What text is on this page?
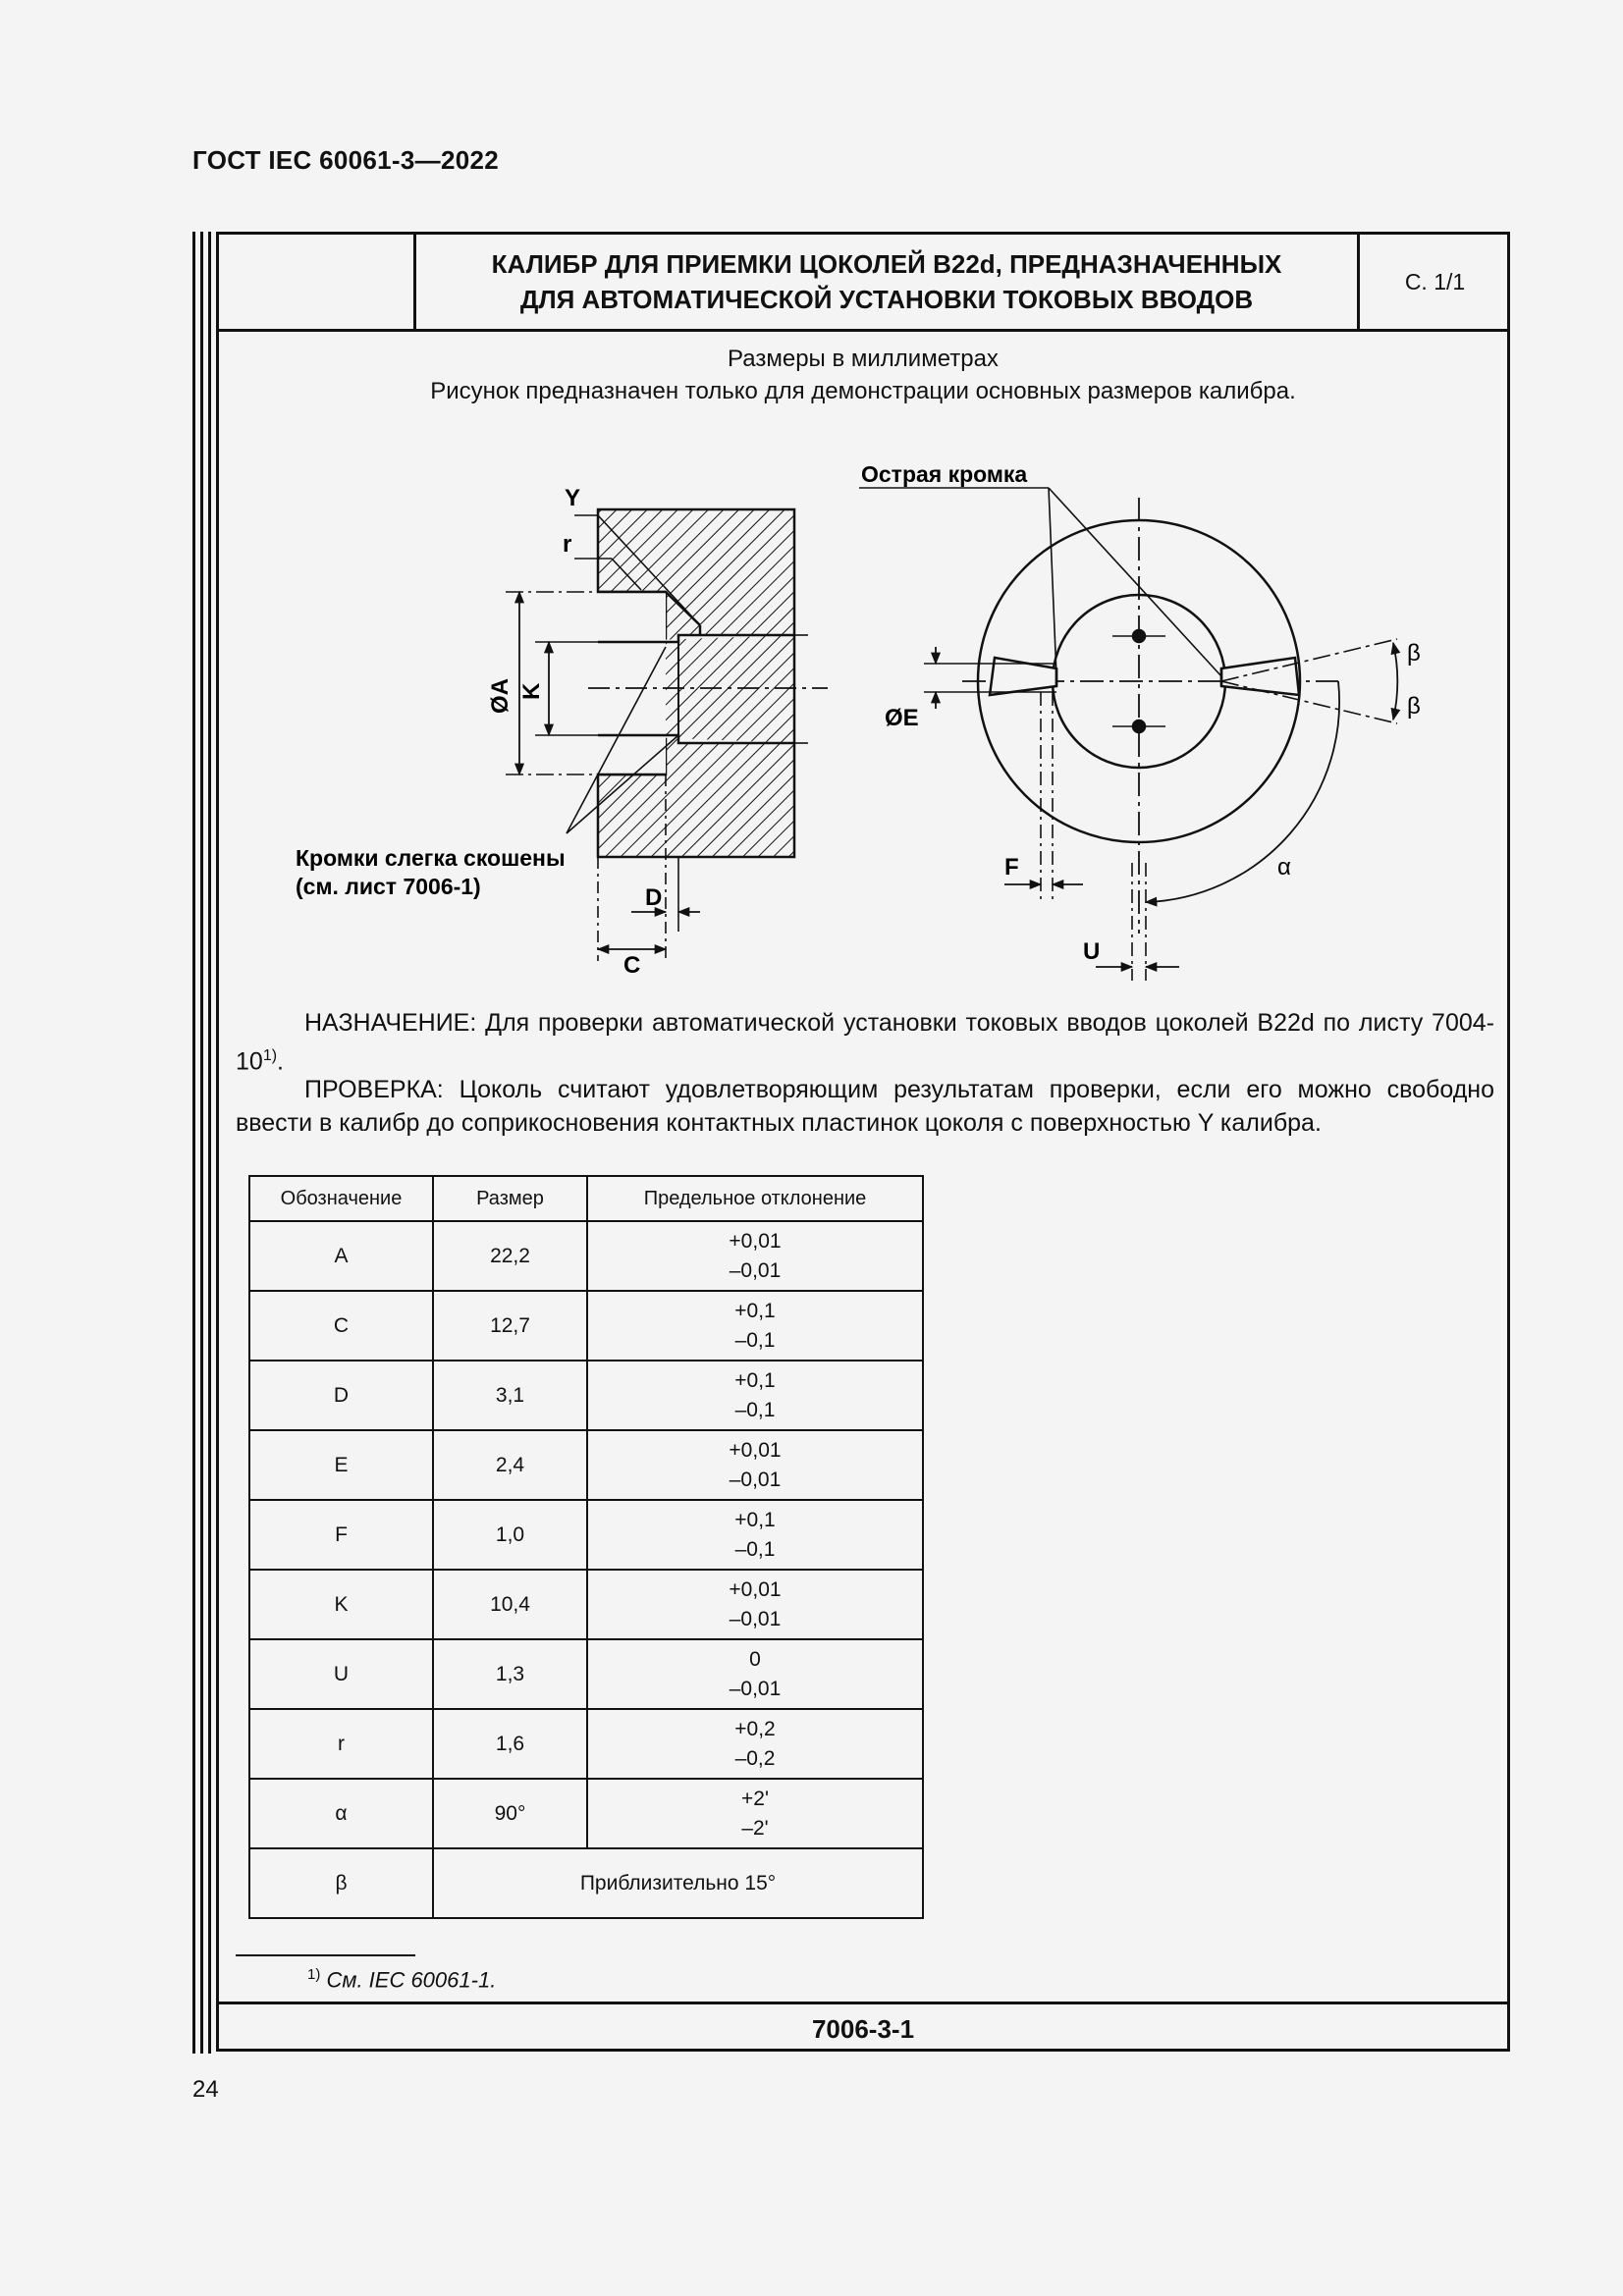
ГОСТ IEC 60061-3—2022
КАЛИБР ДЛЯ ПРИЕМКИ ЦОКОЛЕЙ B22d, ПРЕДНАЗНАЧЕННЫХ
ДЛЯ АВТОМАТИЧЕСКОЙ УСТАНОВКИ ТОКОВЫХ ВВОДОВ
С. 1/1
Размеры в миллиметрах
Рисунок предназначен только для демонстрации основных размеров калибра.
Y
r
ØA K
D
C
Кромки слегка скошены
(см. лист 7006-1)
Острая кромка
ØE
F
U
α
β
β
НАЗНАЧЕНИЕ: Для проверки автоматической установки токовых вводов цоколей B22d по листу 7004-10$^{1)}$.
ПРОВЕРКА: Цоколь считают удовлетворяющим результатам проверки, если его можно свободно ввести в калибр до соприкосновения контактных пластинок цоколя с поверхностью Y калибра.
Обозначение	Размер	Предельное отклонение
A	22,2	+0,01
–0,01

C	12,7	+0,1
–0,1

D	3,1	+0,1
–0,1

E	2,4	+0,01
–0,01

F	1,0	+0,1
–0,1

K	10,4	+0,01
–0,01

U	1,3	0
–0,01

r	1,6	+0,2
–0,2

α	90°	+2'
–2'

β	Приблизительно 15°	
$^{1)}$ См. IEC 60061-1.
7006-3-1
24
